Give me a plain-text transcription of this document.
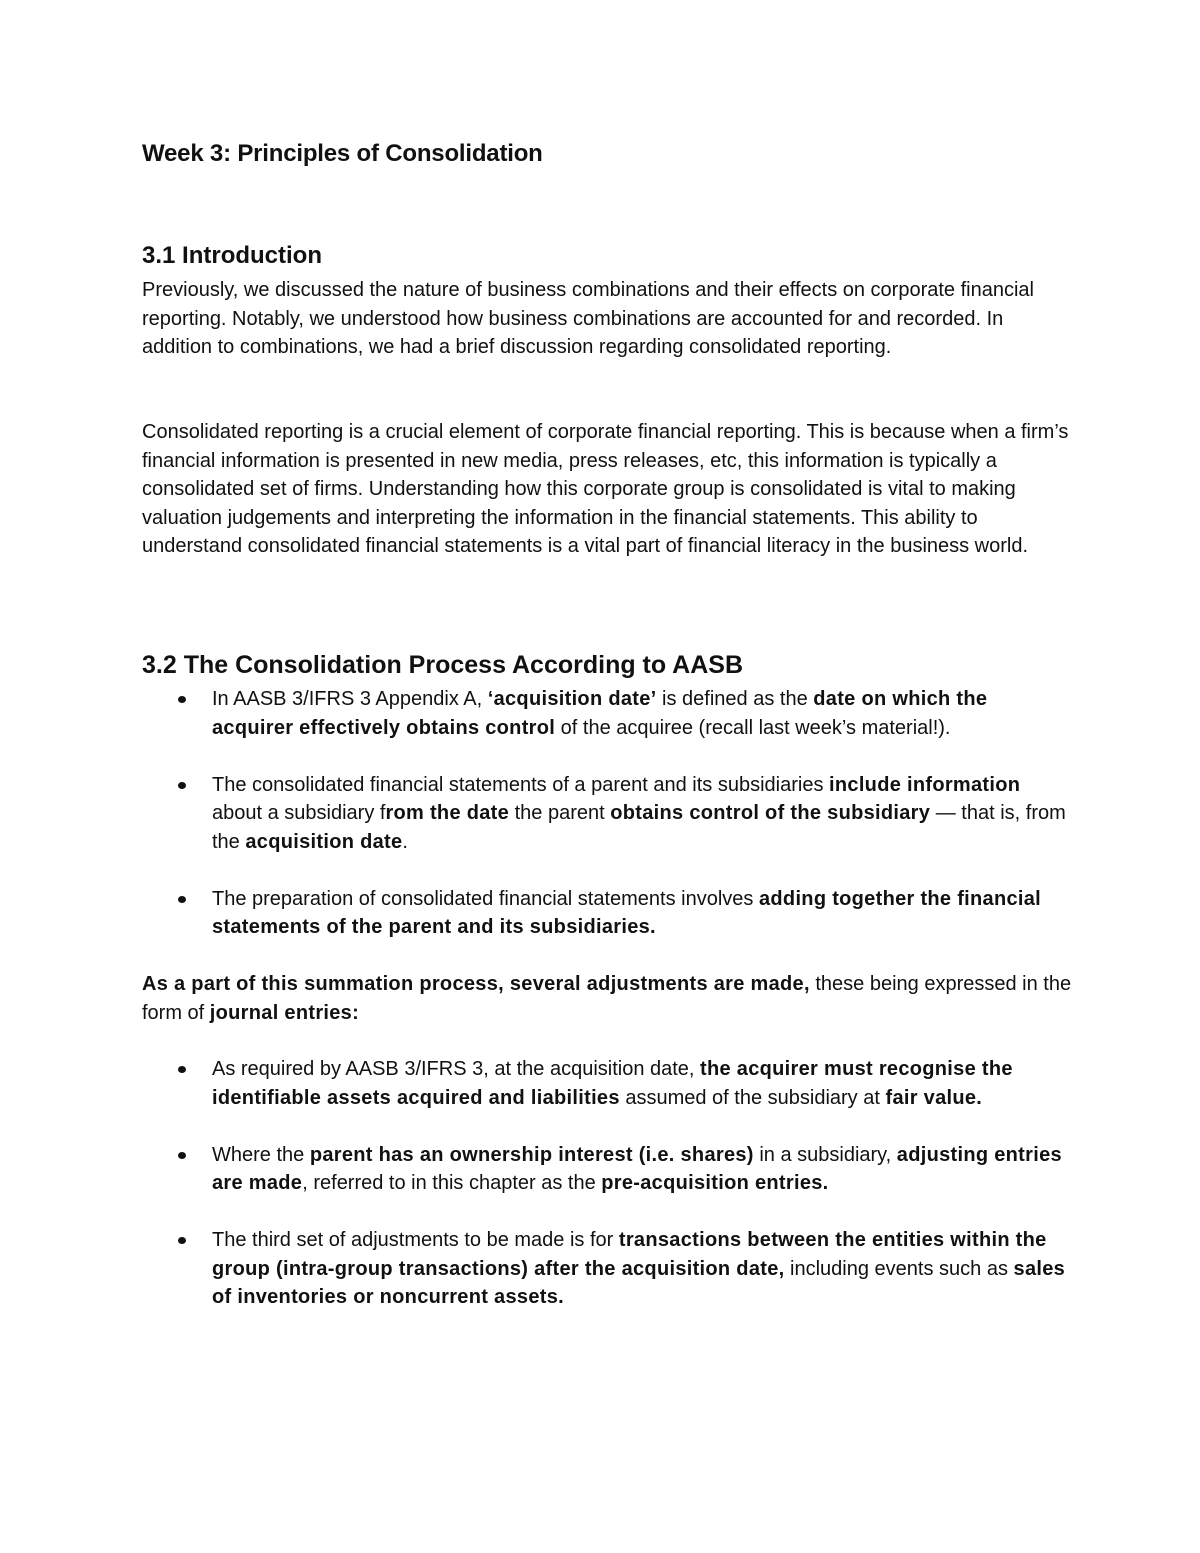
Week 3: Principles of Consolidation
3.1 Introduction

Previously, we discussed the nature of business combinations and their effects on corporate financial reporting. Notably, we understood how business combinations are accounted for and recorded. In addition to combinations, we had a brief discussion regarding consolidated reporting.

Consolidated reporting is a crucial element of corporate financial reporting. This is because when a firm’s financial information is presented in new media, press releases, etc, this information is typically a consolidated set of firms. Understanding how this corporate group is consolidated is vital to making valuation judgements and interpreting the information in the financial statements. This ability to understand consolidated financial statements is a vital part of financial literacy in the business world.

3.2 The Consolidation Process According to AASB
In AASB 3/IFRS 3 Appendix A, ‘acquisition date’ is defined as the date on which the acquirer effectively obtains control of the acquiree (recall last week’s material!).
The consolidated financial statements of a parent and its subsidiaries include information about a subsidiary from the date the parent obtains control of the subsidiary — that is, from the acquisition date.
The preparation of consolidated financial statements involves adding together the financial statements of the parent and its subsidiaries.

As a part of this summation process, several adjustments are made, these being expressed in the form of journal entries:

As required by AASB 3/IFRS 3, at the acquisition date, the acquirer must recognise the identifiable assets acquired and liabilities assumed of the subsidiary at fair value.
Where the parent has an ownership interest (i.e. shares) in a subsidiary, adjusting entries are made, referred to in this chapter as the pre-acquisition entries.
The third set of adjustments to be made is for transactions between the entities within the group (intra-group transactions) after the acquisition date, including events such as sales of inventories or noncurrent assets.
